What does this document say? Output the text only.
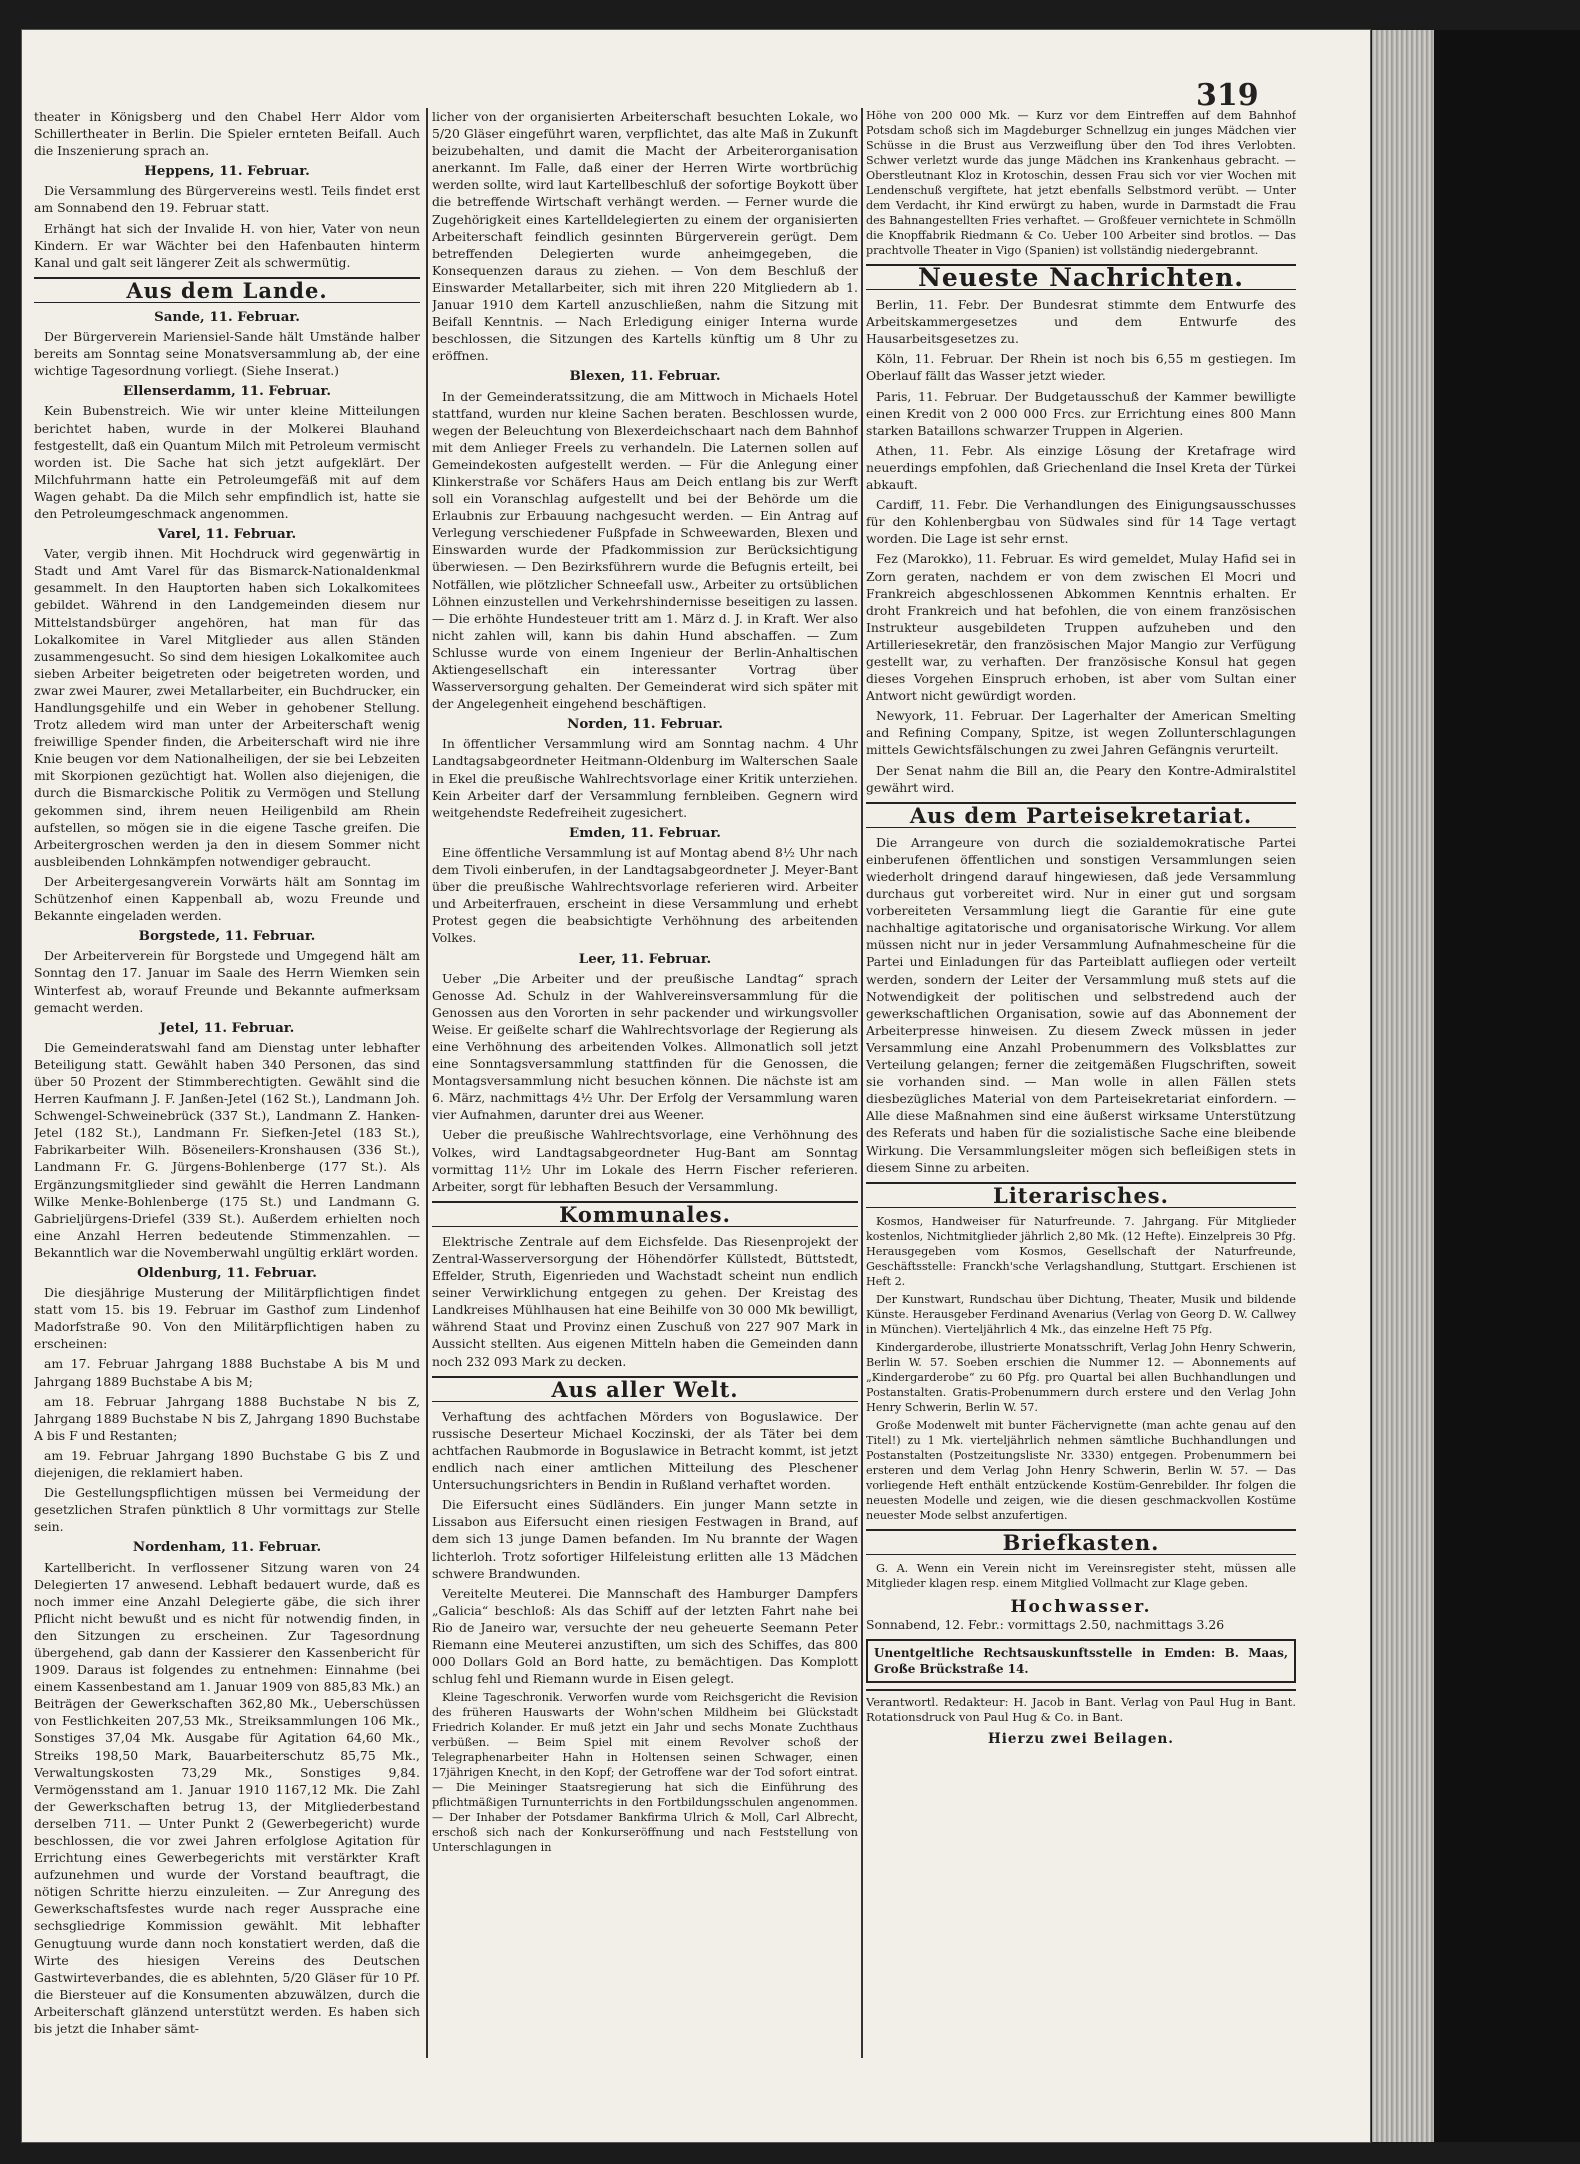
319

theater in Königsberg und den Chabel Herr Aldor vom Schillertheater in Berlin. Die Spieler ernteten Beifall. Auch die Inszenierung sprach an.

Heppens, 11. Februar.

Die Versammlung des Bürgervereins westl. Teils findet erst am Sonnabend den 19. Februar statt.

Erhängt hat sich der Invalide H. von hier, Vater von neun Kindern. Er war Wächter bei den Hafenbauten hinterm Kanal und galt seit längerer Zeit als schwermütig.

Aus dem Lande.
Sande, 11. Februar.

Der Bürgerverein Mariensiel-Sande hält Umstände halber bereits am Sonntag seine Monatsversammlung ab, der eine wichtige Tagesordnung vorliegt. (Siehe Inserat.)

Ellenserdamm, 11. Februar.

Kein Bubenstreich. Wie wir unter kleine Mitteilungen berichtet haben, wurde in der Molkerei Blauhand festgestellt, daß ein Quantum Milch mit Petroleum vermischt worden ist. Die Sache hat sich jetzt aufgeklärt. Der Milchfuhrmann hatte ein Petroleumgefäß mit auf dem Wagen gehabt. Da die Milch sehr empfindlich ist, hatte sie den Petroleumgeschmack angenommen.

Varel, 11. Februar.

Vater, vergib ihnen. Mit Hochdruck wird gegenwärtig in Stadt und Amt Varel für das Bismarck-Nationaldenkmal gesammelt. In den Hauptorten haben sich Lokalkomitees gebildet. Während in den Landgemeinden diesem nur Mittelstandsbürger angehören, hat man für das Lokalkomitee in Varel Mitglieder aus allen Ständen zusammengesucht. So sind dem hiesigen Lokalkomitee auch sieben Arbeiter beigetreten oder beigetreten worden, und zwar zwei Maurer, zwei Metallarbeiter, ein Buchdrucker, ein Handlungsgehilfe und ein Weber in gehobener Stellung. Trotz alledem wird man unter der Arbeiterschaft wenig freiwillige Spender finden, die Arbeiterschaft wird nie ihre Knie beugen vor dem Nationalheiligen, der sie bei Lebzeiten mit Skorpionen gezüchtigt hat. Wollen also diejenigen, die durch die Bismarckische Politik zu Vermögen und Stellung gekommen sind, ihrem neuen Heiligenbild am Rhein aufstellen, so mögen sie in die eigene Tasche greifen. Die Arbeitergroschen werden ja den in diesem Sommer nicht ausbleibenden Lohnkämpfen notwendiger gebraucht.

Der Arbeitergesangverein Vorwärts hält am Sonntag im Schützenhof einen Kappenball ab, wozu Freunde und Bekannte eingeladen werden.

Borgstede, 11. Februar.

Der Arbeiterverein für Borgstede und Umgegend hält am Sonntag den 17. Januar im Saale des Herrn Wiemken sein Winterfest ab, worauf Freunde und Bekannte aufmerksam gemacht werden.

Jetel, 11. Februar.

Die Gemeinderatswahl fand am Dienstag unter lebhafter Beteiligung statt. Gewählt haben 340 Personen, das sind über 50 Prozent der Stimmberechtigten. Gewählt sind die Herren Kaufmann J. F. Janßen-Jetel (162 St.), Landmann Joh. Schwengel-Schweinebrück (337 St.), Landmann Z. Hanken-Jetel (182 St.), Landmann Fr. Siefken-Jetel (183 St.), Fabrikarbeiter Wilh. Böseneilers-Kronshausen (336 St.), Landmann Fr. G. Jürgens-Bohlenberge (177 St.). Als Ergänzungsmitglieder sind gewählt die Herren Landmann Wilke Menke-Bohlenberge (175 St.) und Landmann G. Gabrieljürgens-Driefel (339 St.). Außerdem erhielten noch eine Anzahl Herren bedeutende Stimmenzahlen. — Bekanntlich war die Novemberwahl ungültig erklärt worden.

Oldenburg, 11. Februar.

Die diesjährige Musterung der Militärpflichtigen findet statt vom 15. bis 19. Februar im Gasthof zum Lindenhof Madorfstraße 90. Von den Militärpflichtigen haben zu erscheinen:

am 17. Februar Jahrgang 1888 Buchstabe A bis M und Jahrgang 1889 Buchstabe A bis M;

am 18. Februar Jahrgang 1888 Buchstabe N bis Z, Jahrgang 1889 Buchstabe N bis Z, Jahrgang 1890 Buchstabe A bis F und Restanten;

am 19. Februar Jahrgang 1890 Buchstabe G bis Z und diejenigen, die reklamiert haben.

Die Gestellungspflichtigen müssen bei Vermeidung der gesetzlichen Strafen pünktlich 8 Uhr vormittags zur Stelle sein.

Nordenham, 11. Februar.

Kartellbericht. In verflossener Sitzung waren von 24 Delegierten 17 anwesend. Lebhaft bedauert wurde, daß es noch immer eine Anzahl Delegierte gäbe, die sich ihrer Pflicht nicht bewußt und es nicht für notwendig finden, in den Sitzungen zu erscheinen. Zur Tagesordnung übergehend, gab dann der Kassierer den Kassenbericht für 1909. Daraus ist folgendes zu entnehmen: Einnahme (bei einem Kassenbestand am 1. Januar 1909 von 885,83 Mk.) an Beiträgen der Gewerkschaften 362,80 Mk., Ueberschüssen von Festlichkeiten 207,53 Mk., Streiksammlungen 106 Mk., Sonstiges 37,04 Mk. Ausgabe für Agitation 64,60 Mk., Streiks 198,50 Mark, Bauarbeiterschutz 85,75 Mk., Verwaltungskosten 73,29 Mk., Sonstiges 9,84. Vermögensstand am 1. Januar 1910 1167,12 Mk. Die Zahl der Gewerkschaften betrug 13, der Mitgliederbestand derselben 711. — Unter Punkt 2 (Gewerbegericht) wurde beschlossen, die vor zwei Jahren erfolglose Agitation für Errichtung eines Gewerbegerichts mit verstärkter Kraft aufzunehmen und wurde der Vorstand beauftragt, die nötigen Schritte hierzu einzuleiten. — Zur Anregung des Gewerkschaftsfestes wurde nach reger Aussprache eine sechsgliedrige Kommission gewählt. Mit lebhafter Genugtuung wurde dann noch konstatiert werden, daß die Wirte des hiesigen Vereins des Deutschen Gastwirteverbandes, die es ablehnten, 5/20 Gläser für 10 Pf. die Biersteuer auf die Konsumenten abzuwälzen, durch die Arbeiterschaft glänzend unterstützt werden. Es haben sich bis jetzt die Inhaber sämt-

licher von der organisierten Arbeiterschaft besuchten Lokale, wo 5/20 Gläser eingeführt waren, verpflichtet, das alte Maß in Zukunft beizubehalten, und damit die Macht der Arbeiterorganisation anerkannt. Im Falle, daß einer der Herren Wirte wortbrüchig werden sollte, wird laut Kartellbeschluß der sofortige Boykott über die betreffende Wirtschaft verhängt werden. — Ferner wurde die Zugehörigkeit eines Kartelldelegierten zu einem der organisierten Arbeiterschaft feindlich gesinnten Bürgerverein gerügt. Dem betreffenden Delegierten wurde anheimgegeben, die Konsequenzen daraus zu ziehen. — Von dem Beschluß der Einswarder Metallarbeiter, sich mit ihren 220 Mitgliedern ab 1. Januar 1910 dem Kartell anzuschließen, nahm die Sitzung mit Beifall Kenntnis. — Nach Erledigung einiger Interna wurde beschlossen, die Sitzungen des Kartells künftig um 8 Uhr zu eröffnen.

Blexen, 11. Februar.

In der Gemeinderatssitzung, die am Mittwoch in Michaels Hotel stattfand, wurden nur kleine Sachen beraten. Beschlossen wurde, wegen der Beleuchtung von Blexerdeichschaart nach dem Bahnhof mit dem Anlieger Freels zu verhandeln. Die Laternen sollen auf Gemeindekosten aufgestellt werden. — Für die Anlegung einer Klinkerstraße vor Schäfers Haus am Deich entlang bis zur Werft soll ein Voranschlag aufgestellt und bei der Behörde um die Erlaubnis zur Erbauung nachgesucht werden. — Ein Antrag auf Verlegung verschiedener Fußpfade in Schweewarden, Blexen und Einswarden wurde der Pfadkommission zur Berücksichtigung überwiesen. — Den Bezirksführern wurde die Befugnis erteilt, bei Notfällen, wie plötzlicher Schneefall usw., Arbeiter zu ortsüblichen Löhnen einzustellen und Verkehrshindernisse beseitigen zu lassen. — Die erhöhte Hundesteuer tritt am 1. März d. J. in Kraft. Wer also nicht zahlen will, kann bis dahin Hund abschaffen. — Zum Schlusse wurde von einem Ingenieur der Berlin-Anhaltischen Aktiengesellschaft ein interessanter Vortrag über Wasserversorgung gehalten. Der Gemeinderat wird sich später mit der Angelegenheit eingehend beschäftigen.

Norden, 11. Februar.

In öffentlicher Versammlung wird am Sonntag nachm. 4 Uhr Landtagsabgeordneter Heitmann-Oldenburg im Walterschen Saale in Ekel die preußische Wahlrechtsvorlage einer Kritik unterziehen. Kein Arbeiter darf der Versammlung fernbleiben. Gegnern wird weitgehendste Redefreiheit zugesichert.

Emden, 11. Februar.

Eine öffentliche Versammlung ist auf Montag abend 8½ Uhr nach dem Tivoli einberufen, in der Landtagsabgeordneter J. Meyer-Bant über die preußische Wahlrechtsvorlage referieren wird. Arbeiter und Arbeiterfrauen, erscheint in diese Versammlung und erhebt Protest gegen die beabsichtigte Verhöhnung des arbeitenden Volkes.

Leer, 11. Februar.

Ueber „Die Arbeiter und der preußische Landtag“ sprach Genosse Ad. Schulz in der Wahlvereinsversammlung für die Genossen aus den Vororten in sehr packender und wirkungsvoller Weise. Er geißelte scharf die Wahlrechtsvorlage der Regierung als eine Verhöhnung des arbeitenden Volkes. Allmonatlich soll jetzt eine Sonntagsversammlung stattfinden für die Genossen, die Montagsversammlung nicht besuchen können. Die nächste ist am 6. März, nachmittags 4½ Uhr. Der Erfolg der Versammlung waren vier Aufnahmen, darunter drei aus Weener.

Ueber die preußische Wahlrechtsvorlage, eine Verhöhnung des Volkes, wird Landtagsabgeordneter Hug-Bant am Sonntag vormittag 11½ Uhr im Lokale des Herrn Fischer referieren. Arbeiter, sorgt für lebhaften Besuch der Versammlung.

Kommunales.

Elektrische Zentrale auf dem Eichsfelde. Das Riesenprojekt der Zentral-Wasserversorgung der Höhendörfer Küllstedt, Büttstedt, Effelder, Struth, Eigenrieden und Wachstadt scheint nun endlich seiner Verwirklichung entgegen zu gehen. Der Kreistag des Landkreises Mühlhausen hat eine Beihilfe von 30 000 Mk bewilligt, während Staat und Provinz einen Zuschuß von 227 907 Mark in Aussicht stellten. Aus eigenen Mitteln haben die Gemeinden dann noch 232 093 Mark zu decken.

Aus aller Welt.

Verhaftung des achtfachen Mörders von Boguslawice. Der russische Deserteur Michael Koczinski, der als Täter bei dem achtfachen Raubmorde in Boguslawice in Betracht kommt, ist jetzt endlich nach einer amtlichen Mitteilung des Pleschener Untersuchungsrichters in Bendin in Rußland verhaftet worden.

Die Eifersucht eines Südländers. Ein junger Mann setzte in Lissabon aus Eifersucht einen riesigen Festwagen in Brand, auf dem sich 13 junge Damen befanden. Im Nu brannte der Wagen lichterloh. Trotz sofortiger Hilfeleistung erlitten alle 13 Mädchen schwere Brandwunden.

Vereitelte Meuterei. Die Mannschaft des Hamburger Dampfers „Galicia“ beschloß: Als das Schiff auf der letzten Fahrt nahe bei Rio de Janeiro war, versuchte der neu geheuerte Seemann Peter Riemann eine Meuterei anzustiften, um sich des Schiffes, das 800 000 Dollars Gold an Bord hatte, zu bemächtigen. Das Komplott schlug fehl und Riemann wurde in Eisen gelegt.

Kleine Tageschronik. Verworfen wurde vom Reichsgericht die Revision des früheren Hauswarts der Wohn'schen Mildheim bei Glückstadt Friedrich Kolander. Er muß jetzt ein Jahr und sechs Monate Zuchthaus verbüßen. — Beim Spiel mit einem Revolver schoß der Telegraphenarbeiter Hahn in Holtensen seinen Schwager, einen 17jährigen Knecht, in den Kopf; der Getroffene war der Tod sofort eintrat. — Die Meininger Staatsregierung hat sich die Einführung des pflichtmäßigen Turnunterrichts in den Fortbildungsschulen angenommen. — Der Inhaber der Potsdamer Bankfirma Ulrich & Moll, Carl Albrecht, erschoß sich nach der Konkurseröffnung und nach Feststellung von Unterschlagungen in

Höhe von 200 000 Mk. — Kurz vor dem Eintreffen auf dem Bahnhof Potsdam schoß sich im Magdeburger Schnellzug ein junges Mädchen vier Schüsse in die Brust aus Verzweiflung über den Tod ihres Verlobten. Schwer verletzt wurde das junge Mädchen ins Krankenhaus gebracht. — Oberstleutnant Kloz in Krotoschin, dessen Frau sich vor vier Wochen mit Lendenschuß vergiftete, hat jetzt ebenfalls Selbstmord verübt. — Unter dem Verdacht, ihr Kind erwürgt zu haben, wurde in Darmstadt die Frau des Bahnangestellten Fries verhaftet. — Großfeuer vernichtete in Schmölln die Knopffabrik Riedmann & Co. Ueber 100 Arbeiter sind brotlos. — Das prachtvolle Theater in Vigo (Spanien) ist vollständig niedergebrannt.

Neueste Nachrichten.

Berlin, 11. Febr. Der Bundesrat stimmte dem Entwurfe des Arbeitskammergesetzes und dem Entwurfe des Hausarbeitsgesetzes zu.

Köln, 11. Februar. Der Rhein ist noch bis 6,55 m gestiegen. Im Oberlauf fällt das Wasser jetzt wieder.

Paris, 11. Februar. Der Budgetausschuß der Kammer bewilligte einen Kredit von 2 000 000 Frcs. zur Errichtung eines 800 Mann starken Bataillons schwarzer Truppen in Algerien.

Athen, 11. Febr. Als einzige Lösung der Kretafrage wird neuerdings empfohlen, daß Griechenland die Insel Kreta der Türkei abkauft.

Cardiff, 11. Febr. Die Verhandlungen des Einigungsausschusses für den Kohlenbergbau von Südwales sind für 14 Tage vertagt worden. Die Lage ist sehr ernst.

Fez (Marokko), 11. Februar. Es wird gemeldet, Mulay Hafid sei in Zorn geraten, nachdem er von dem zwischen El Mocri und Frankreich abgeschlossenen Abkommen Kenntnis erhalten. Er droht Frankreich und hat befohlen, die von einem französischen Instrukteur ausgebildeten Truppen aufzuheben und den Artilleriesekretär, den französischen Major Mangio zur Verfügung gestellt war, zu verhaften. Der französische Konsul hat gegen dieses Vorgehen Einspruch erhoben, ist aber vom Sultan einer Antwort nicht gewürdigt worden.

Newyork, 11. Februar. Der Lagerhalter der American Smelting and Refining Company, Spitze, ist wegen Zollunterschlagungen mittels Gewichtsfälschungen zu zwei Jahren Gefängnis verurteilt.

Der Senat nahm die Bill an, die Peary den Kontre-Admiralstitel gewährt wird.

Aus dem Parteisekretariat.

Die Arrangeure von durch die sozialdemokratische Partei einberufenen öffentlichen und sonstigen Versammlungen seien wiederholt dringend darauf hingewiesen, daß jede Versammlung durchaus gut vorbereitet wird. Nur in einer gut und sorgsam vorbereiteten Versammlung liegt die Garantie für eine gute nachhaltige agitatorische und organisatorische Wirkung. Vor allem müssen nicht nur in jeder Versammlung Aufnahmescheine für die Partei und Einladungen für das Parteiblatt aufliegen oder verteilt werden, sondern der Leiter der Versammlung muß stets auf die Notwendigkeit der politischen und selbstredend auch der gewerkschaftlichen Organisation, sowie auf das Abonnement der Arbeiterpresse hinweisen. Zu diesem Zweck müssen in jeder Versammlung eine Anzahl Probenummern des Volksblattes zur Verteilung gelangen; ferner die zeitgemäßen Flugschriften, soweit sie vorhanden sind. — Man wolle in allen Fällen stets diesbezügliches Material von dem Parteisekretariat einfordern. — Alle diese Maßnahmen sind eine äußerst wirksame Unterstützung des Referats und haben für die sozialistische Sache eine bleibende Wirkung. Die Versammlungsleiter mögen sich befleißigen stets in diesem Sinne zu arbeiten.

Literarisches.

Kosmos, Handweiser für Naturfreunde. 7. Jahrgang. Für Mitglieder kostenlos, Nichtmitglieder jährlich 2,80 Mk. (12 Hefte). Einzelpreis 30 Pfg. Herausgegeben vom Kosmos, Gesellschaft der Naturfreunde, Geschäftsstelle: Franckh'sche Verlagshandlung, Stuttgart. Erschienen ist Heft 2.

Der Kunstwart, Rundschau über Dichtung, Theater, Musik und bildende Künste. Herausgeber Ferdinand Avenarius (Verlag von Georg D. W. Callwey in München). Vierteljährlich 4 Mk., das einzelne Heft 75 Pfg.

Kindergarderobe, illustrierte Monatsschrift, Verlag John Henry Schwerin, Berlin W. 57. Soeben erschien die Nummer 12. — Abonnements auf „Kindergarderobe“ zu 60 Pfg. pro Quartal bei allen Buchhandlungen und Postanstalten. Gratis-Probenummern durch erstere und den Verlag John Henry Schwerin, Berlin W. 57.

Große Modenwelt mit bunter Fächervignette (man achte genau auf den Titel!) zu 1 Mk. vierteljährlich nehmen sämtliche Buchhandlungen und Postanstalten (Postzeitungsliste Nr. 3330) entgegen. Probenummern bei ersteren und dem Verlag John Henry Schwerin, Berlin W. 57. — Das vorliegende Heft enthält entzückende Kostüm-Genrebilder. Ihr folgen die neuesten Modelle und zeigen, wie die diesen geschmackvollen Kostüme neuester Mode selbst anzufertigen.

Briefkasten.

G. A. Wenn ein Verein nicht im Vereinsregister steht, müssen alle Mitglieder klagen resp. einem Mitglied Vollmacht zur Klage geben.

Hochwasser.

Sonnabend, 12. Febr.: vormittags 2.50, nachmittags 3.26

Unentgeltliche Rechtsauskunftsstelle in Emden: B. Maas, Große Brückstraße 14.
Verantwortl. Redakteur: H. Jacob in Bant. Verlag von Paul Hug in Bant. Rotationsdruck von Paul Hug & Co. in Bant.
Hierzu zwei Beilagen.
